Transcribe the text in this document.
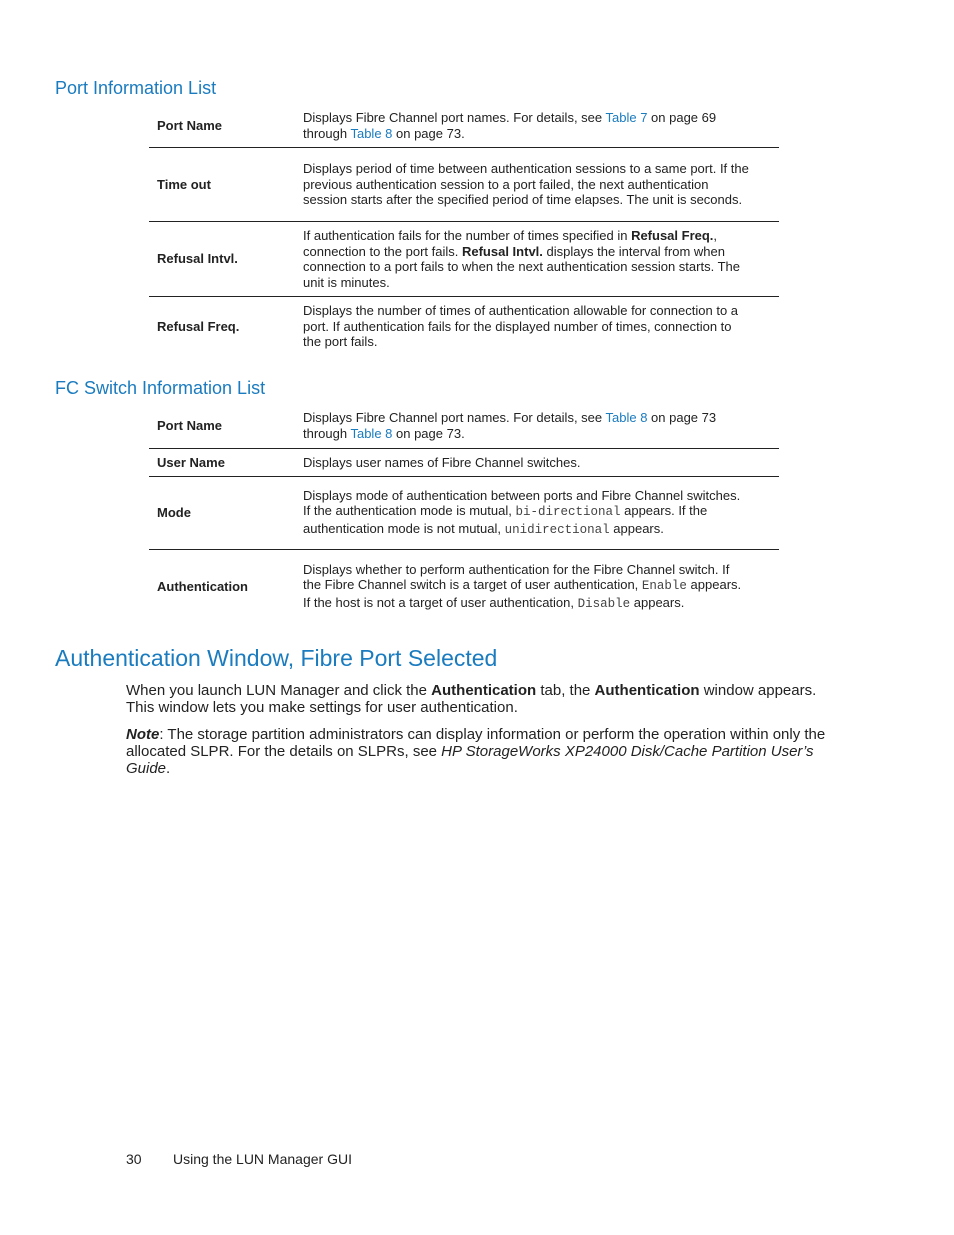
Port Information List
Port Name	Displays Fibre Channel port names. For details, see Table 7 on page 69 through Table 8 on page 73.
Time out	Displays period of time between authentication sessions to a same port. If the previous authentication session to a port failed, the next authentication session starts after the specified period of time elapses. The unit is seconds.
Refusal Intvl.	If authentication fails for the number of times specified in Refusal Freq., connection to the port fails. Refusal Intvl. displays the interval from when connection to a port fails to when the next authentication session starts. The unit is minutes.
Refusal Freq.	Displays the number of times of authentication allowable for connection to a port. If authentication fails for the displayed number of times, connection to the port fails.
FC Switch Information List
Port Name	Displays Fibre Channel port names. For details, see Table 8 on page 73 through Table 8 on page 73.
User Name	Displays user names of Fibre Channel switches.
Mode	Displays mode of authentication between ports and Fibre Channel switches. If the authentication mode is mutual, bi-directional appears. If the authentication mode is not mutual, unidirectional appears.
Authentication	Displays whether to perform authentication for the Fibre Channel switch. If the Fibre Channel switch is a target of user authentication, Enable appears. If the host is not a target of user authentication, Disable appears.
Authentication Window, Fibre Port Selected

When you launch LUN Manager and click the Authentication tab, the Authentication window appears. This window lets you make settings for user authentication.

Note: The storage partition administrators can display information or perform the operation within only the allocated SLPR. For the details on SLPRs, see HP StorageWorks XP24000 Disk/Cache Partition User’s Guide.

30 Using the LUN Manager GUI
